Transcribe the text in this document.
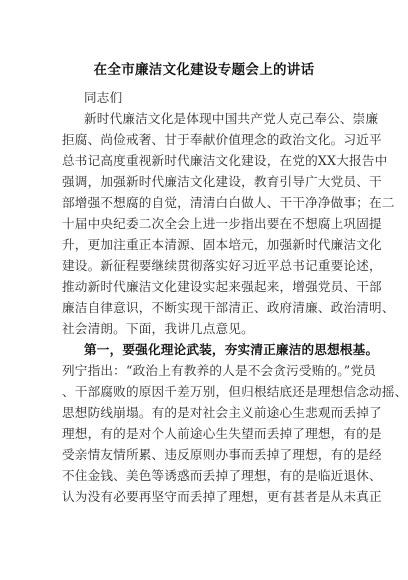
在全市廉洁文化建设专题会上的讲话
同志们
新时代廉洁文化是体现中国共产党人克己奉公、崇廉
拒腐、尚俭戒奢、甘于奉献价值理念的政治文化。习近平
总书记高度重视新时代廉洁文化建设，在党的XX大报告中
强调，加强新时代廉洁文化建设，教育引导广大党员、干
部增强不想腐的自觉，清清白白做人、干干净净做事；在二
十届中央纪委二次全会上进一步指出要在不想腐上巩固提
升，更加注重正本清源、固本培元，加强新时代廉洁文化
建设。新征程要继续贯彻落实好习近平总书记重要论述，
推动新时代廉洁文化建设实起来强起来，增强党员、干部
廉洁自律意识，不断实现干部清正、政府清廉、政治清明、
社会清朗。下面，我讲几点意见。
第一，要强化理论武装，夯实清正廉洁的思想根基。
列宁指出：“政治上有教养的人是不会贪污受贿的。”党员
、干部腐败的原因千差万别，但归根结底还是理想信念动摇、
思想防线崩塌。有的是对社会主义前途心生悲观而丢掉了
理想，有的是对个人前途心生失望而丢掉了理想，有的是
受亲情友情所累、违反原则办事而丢掉了理想，有的是经
不住金钱、美色等诱惑而丢掉了理想，有的是临近退休、
认为没有必要再坚守而丢掉了理想，更有甚者是从未真正
